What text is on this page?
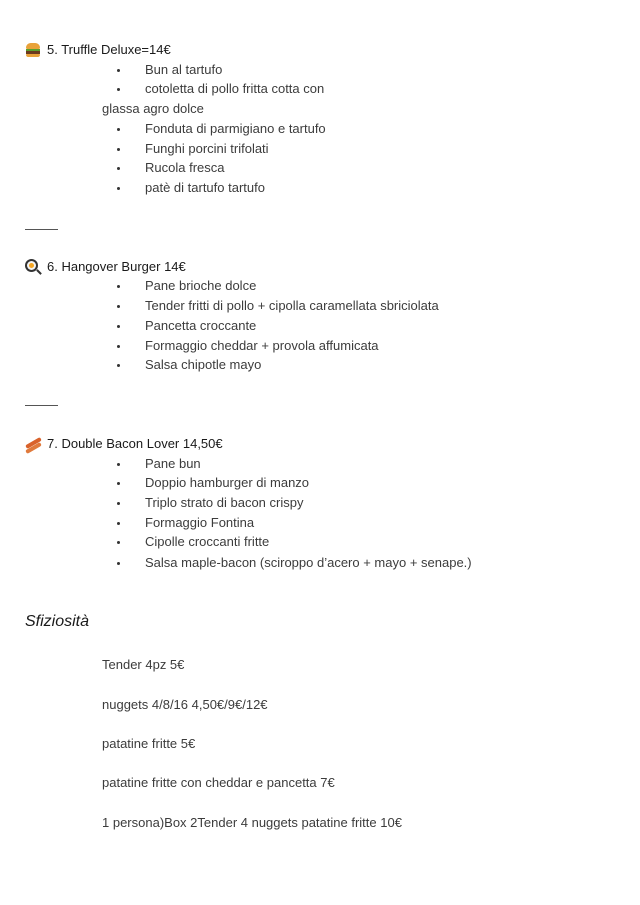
5. Truffle Deluxe=14€
Bun al tartufo
cotoletta di pollo fritta cotta con
glassa agro dolce
Fonduta di parmigiano e tartufo
Funghi porcini trifolati
Rucola fresca
patè di tartufo tartufo
6. Hangover Burger 14€
Pane brioche dolce
Tender fritti di pollo + cipolla caramellata sbriciolata
Pancetta croccante
Formaggio cheddar + provola affumicata
Salsa chipotle mayo
7. Double Bacon Lover 14,50€
Pane bun
Doppio hamburger di manzo
Triplo strato di bacon crispy
Formaggio Fontina
Cipolle croccanti fritte
Salsa maple-bacon (sciroppo d’acero + mayo + senape.)
Sfiziosità
Tender 4pz 5€
nuggets 4/8/16 4,50€/9€/12€
patatine fritte 5€
patatine fritte con cheddar e pancetta 7€
1 persona)Box 2Tender 4 nuggets patatine fritte 10€
